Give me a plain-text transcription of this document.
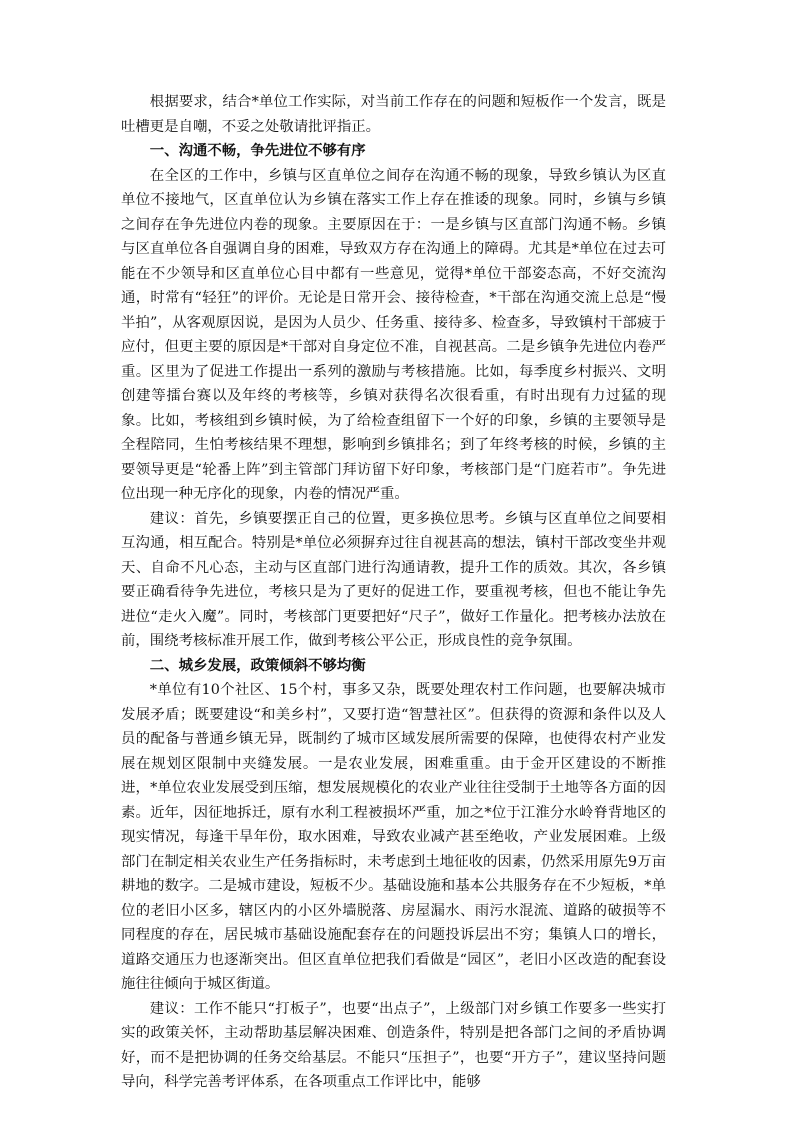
根据要求，结合*单位工作实际，对当前工作存在的问题和短板作一个发言，既是吐槽更是自嘲，不妥之处敬请批评指正。

一、沟通不畅，争先进位不够有序

在全区的工作中，乡镇与区直单位之间存在沟通不畅的现象，导致乡镇认为区直单位不接地气，区直单位认为乡镇在落实工作上存在推诿的现象。同时，乡镇与乡镇之间存在争先进位内卷的现象。主要原因在于：一是乡镇与区直部门沟通不畅。乡镇与区直单位各自强调自身的困难，导致双方存在沟通上的障碍。尤其是*单位在过去可能在不少领导和区直单位心目中都有一些意见，觉得*单位干部姿态高，不好交流沟通，时常有“轻狂”的评价。无论是日常开会、接待检查，*干部在沟通交流上总是“慢半拍”，从客观原因说，是因为人员少、任务重、接待多、检查多，导致镇村干部疲于应付，但更主要的原因是*干部对自身定位不准，自视甚高。二是乡镇争先进位内卷严重。区里为了促进工作提出一系列的激励与考核措施。比如，每季度乡村振兴、文明创建等擂台赛以及年终的考核等，乡镇对获得名次很看重，有时出现有力过猛的现象。比如，考核组到乡镇时候，为了给检查组留下一个好的印象，乡镇的主要领导是全程陪同，生怕考核结果不理想，影响到乡镇排名；到了年终考核的时候，乡镇的主要领导更是“轮番上阵”到主管部门拜访留下好印象，考核部门是“门庭若市”。争先进位出现一种无序化的现象，内卷的情况严重。

建议：首先，乡镇要摆正自己的位置，更多换位思考。乡镇与区直单位之间要相互沟通，相互配合。特别是*单位必须摒弃过往自视甚高的想法，镇村干部改变坐井观天、自命不凡心态，主动与区直部门进行沟通请教，提升工作的质效。其次，各乡镇要正确看待争先进位，考核只是为了更好的促进工作，要重视考核，但也不能让争先进位“走火入魔”。同时，考核部门更要把好“尺子”，做好工作量化。把考核办法放在前，围绕考核标准开展工作，做到考核公平公正，形成良性的竞争氛围。

二、城乡发展，政策倾斜不够均衡

*单位有10个社区、15个村，事多又杂，既要处理农村工作问题，也要解决城市发展矛盾；既要建设“和美乡村”，又要打造“智慧社区”。但获得的资源和条件以及人员的配备与普通乡镇无异，既制约了城市区域发展所需要的保障，也使得农村产业发展在规划区限制中夹缝发展。一是农业发展，困难重重。由于金开区建设的不断推进，*单位农业发展受到压缩，想发展规模化的农业产业往往受制于土地等各方面的因素。近年，因征地拆迁，原有水利工程被损坏严重，加之*位于江淮分水岭脊背地区的现实情况，每逢干旱年份，取水困难，导致农业减产甚至绝收，产业发展困难。上级部门在制定相关农业生产任务指标时，未考虑到土地征收的因素，仍然采用原先9万亩耕地的数字。二是城市建设，短板不少。基础设施和基本公共服务存在不少短板，*单位的老旧小区多，辖区内的小区外墙脱落、房屋漏水、雨污水混流、道路的破损等不同程度的存在，居民城市基础设施配套存在的问题投诉层出不穷；集镇人口的增长，道路交通压力也逐渐突出。但区直单位把我们看做是“园区”，老旧小区改造的配套设施往往倾向于城区街道。

建议：工作不能只“打板子”，也要“出点子”，上级部门对乡镇工作要多一些实打实的政策关怀，主动帮助基层解决困难、创造条件，特别是把各部门之间的矛盾协调好，而不是把协调的任务交给基层。不能只“压担子”，也要“开方子”，建议坚持问题导向，科学完善考评体系，在各项重点工作评比中，能够
